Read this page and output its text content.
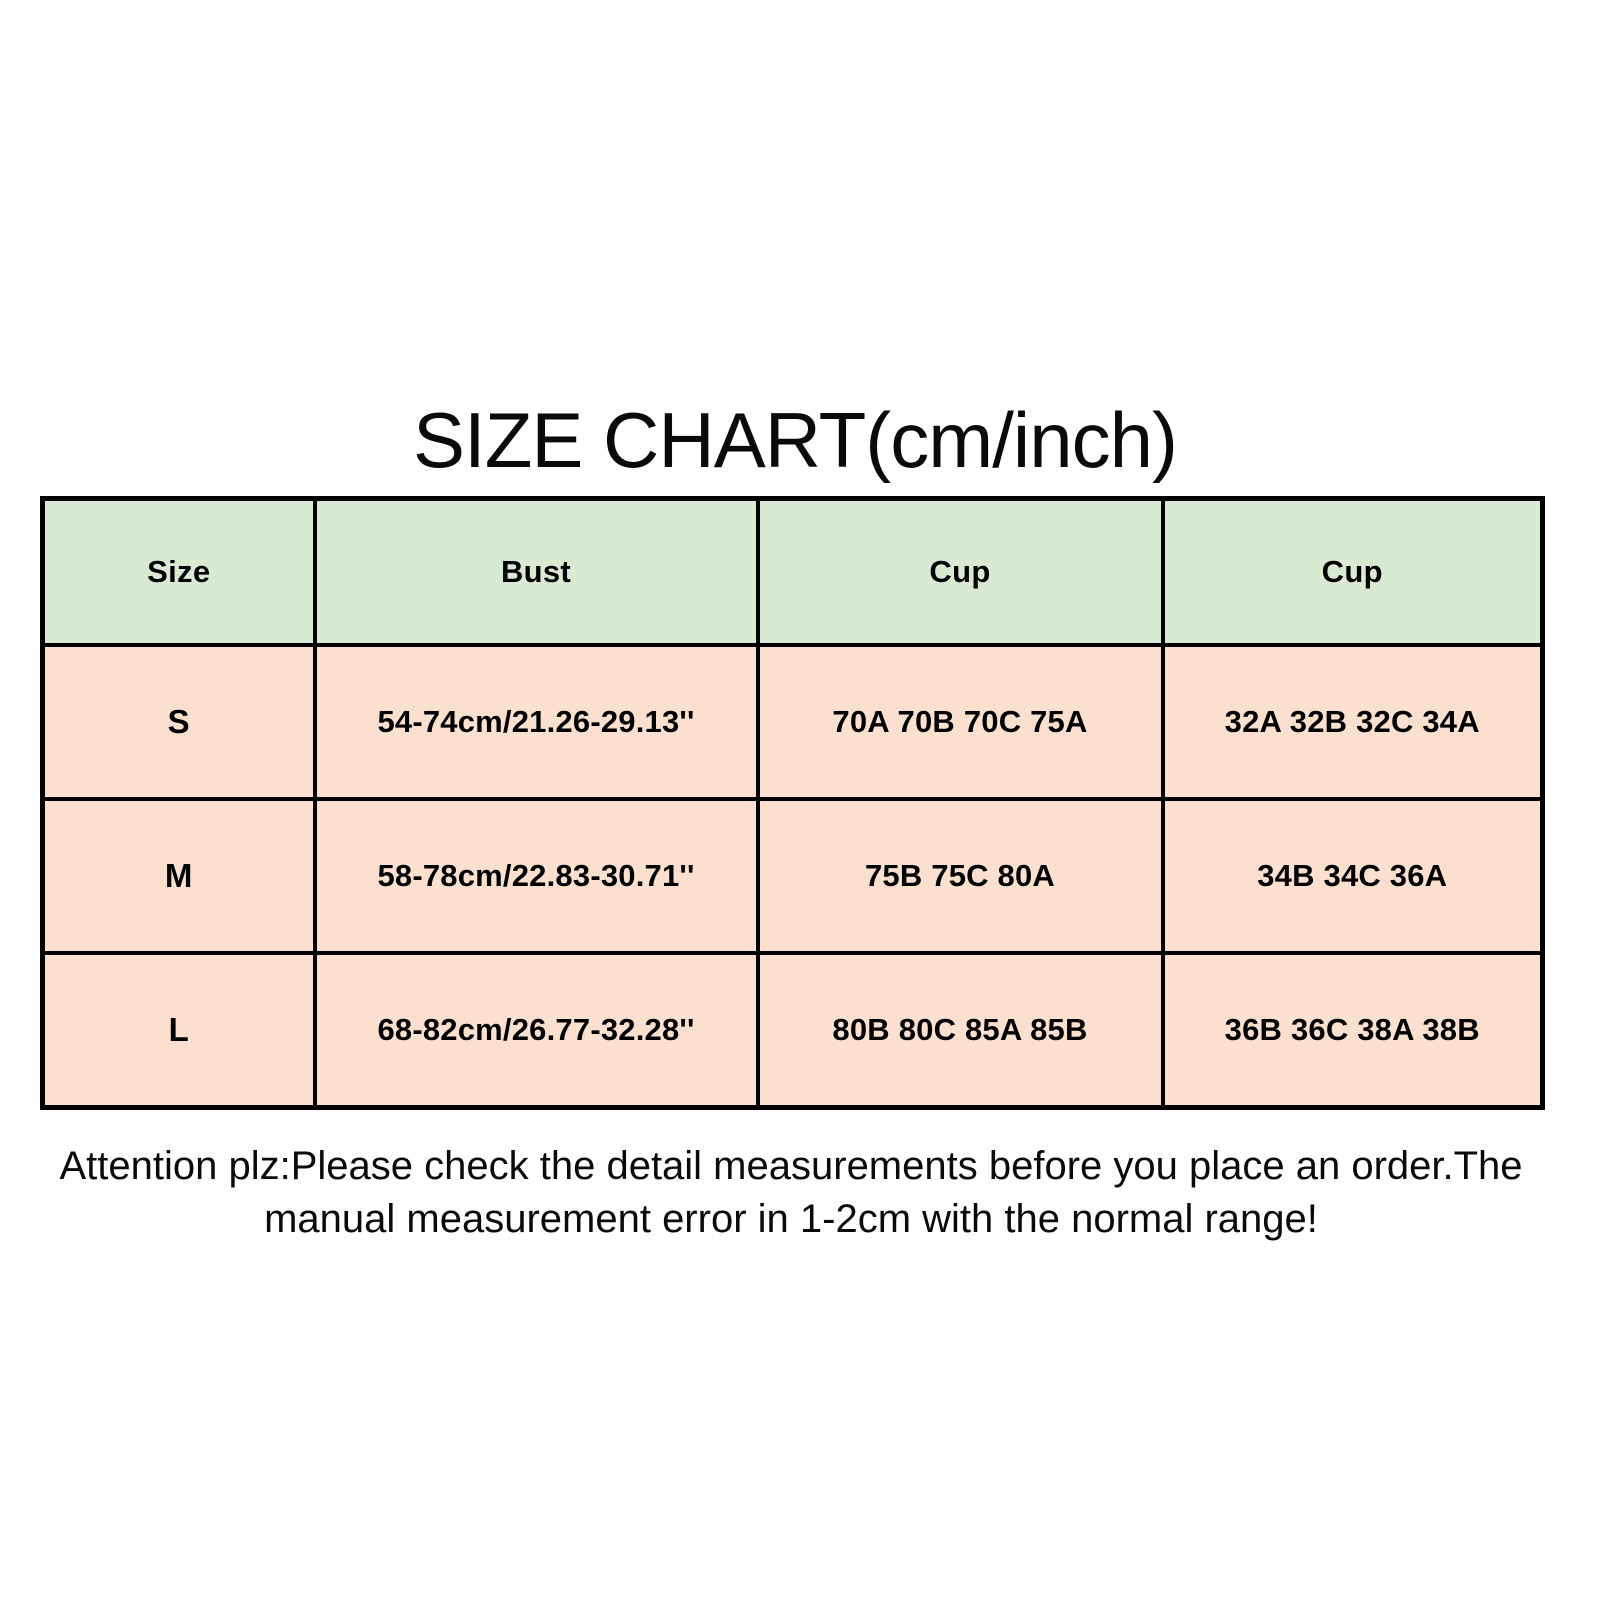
SIZE CHART(cm/inch)
Size	Bust	Cup	Cup
S	54-74cm/21.26-29.13''	70A 70B 70C 75A	32A 32B 32C 34A
M	58-78cm/22.83-30.71''	75B 75C 80A	34B 34C 36A
L	68-82cm/26.77-32.28''	80B 80C 85A 85B	36B 36C 38A 38B
Attention plz:Please check the detail measurements before you place an order.The manual measurement error in 1-2cm with the normal range!
